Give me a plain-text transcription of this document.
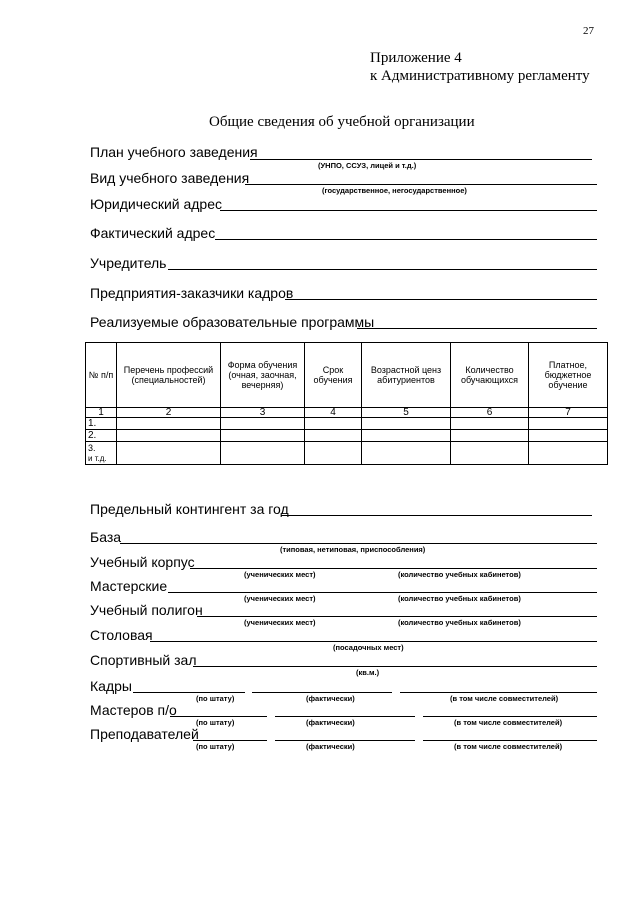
27
Приложение 4
к Административному регламенту
Общие сведения об учебной организации
План учебного заведения
(УНПО, ССУЗ, лицей и т.д.)
Вид учебного заведения
(государственное, негосударственное)
Юридический адрес
Фактический адрес
Учредитель
Предприятия-заказчики кадров
Реализуемые образовательные программы
№ п/п	Перечень профессий (специальностей)	Форма обучения (очная, заочная, вечерняя)	Срок обучения	Возрастной ценз абитуриентов	Количество обучающихся	Платное, бюджетное обучение
1	2	3	4	5	6	7
1.						
2.						
3.
и т.д.						
Предельный контингент за год
База
(типовая, нетиповая, приспособления)
Учебный корпус
(ученических мест)	(количество учебных кабинетов)
Мастерские
(ученических мест)	(количество учебных кабинетов)
Учебный полигон
(ученических мест)	(количество учебных кабинетов)
Столовая
(посадочных мест)
Спортивный зал
(кв.м.)
Кадры
(по штату)	(фактически)	(в том числе совместителей)
Мастеров п/о
(по штату)	(фактически)	(в том числе совместителей)
Преподавателей
(по штату)	(фактически)	(в том числе совместителей)
